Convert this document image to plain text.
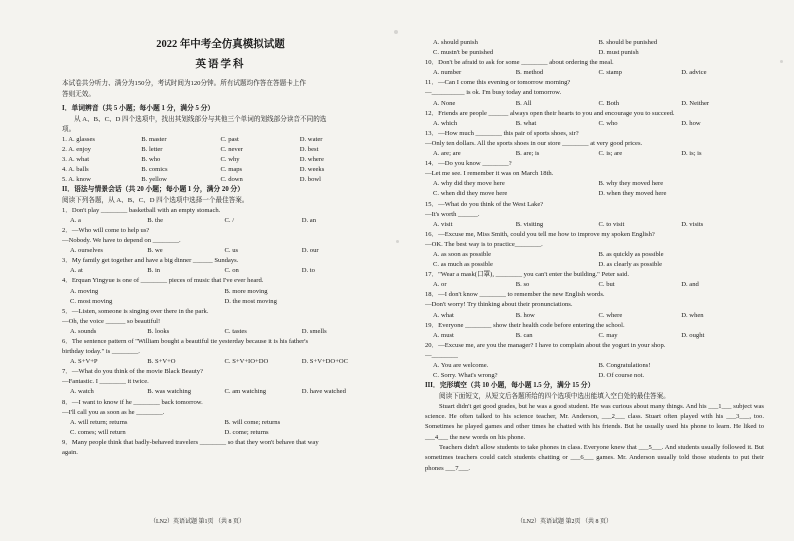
2022 年中考全仿真模拟试题
英语学科
本试卷共分听力、满分为150分，考试时间为120分钟。所有试题均作答在答题卡上作
答则无效。
I．单词辨音（共 5 小题；每小题 1 分，满分 5 分）
从 A、B、C、D 四个选项中，找出其划线部分与其他三个单词的划线部分读音不同的选
项。
1. A. glasses	B. master	C. past	D. water
2. A. enjoy	B. letter	C. never	D. best
3. A. what	B. who	C. why	D. where
4. A. balls	B. comics	C. maps	D. weeks
5. A. know	B. yellow	C. down	D. bowl
II．语法与情景会话（共 20 小题；每小题 1 分，满分 20 分）
阅读下列各题，从 A、B、C、D 四个选项中选择一个最佳答案。
1．Don't play ________ basketball with an empty stomach.
A. a	B. the	C. /	D. an
2．—Who will come to help us?
—Nobody. We have to depend on ________.
A. ourselves	B. we	C. us	D. our
3．My family get together and have a big dinner ______ Sundays.
A. at	B. in	C. on	D. to
4．Erquan Yingyue is one of ________ pieces of music that I've ever heard.
A. moving	B. more moving
C. most moving	D. the most moving
5．—Listen, someone is singing over there in the park.
—Oh, the voice ______ so beautiful!
A. sounds	B. looks	C. tastes	D. smells
6．The sentence pattern of "William bought a beautiful tie yesterday because it is his father's
birthday today." is ________.
A. S+V+P	B. S+V+O	C. S+V+IO+DO	D. S+V+DO+OC
7．—What do you think of the movie Black Beauty?
—Fantastic. I ________ it twice.
A. watch	B. was watching	C. am watching	D. have watched
8．—I want to know if he ________ back tomorrow.
—I'll call you as soon as he ________.
A. will return; returns	B. will come; returns
C. comes; will return	D. come; returns
9．Many people think that badly-behaved travelers ________ so that they won't behave that way
again.
（LN2）英语试题 第1页 （共 8 页）
A. should punish	B. should be punished
C. mustn't be punished	D. must punish
10．Don't be afraid to ask for some ________ about ordering the meal.
A. number	B. method	C. stamp	D. advice
11．—Can I come this evening or tomorrow morning?
—__________ is ok. I'm busy today and tomorrow.
A. None	B. All	C. Both	D. Neither
12．Friends are people ______ always open their hearts to you and encourage you to succeed.
A. which	B. what	C. who	D. how
13．—How much ________ this pair of sports shoes, sir?
—Only ten dollars. All the sports shoes in our store ________ at very good prices.
A. are; are	B. are; is	C. is; are	D. is; is
14．—Do you know ________?
—Let me see. I remember it was on March 18th.
A. why did they move here	B. why they moved here
C. when did they move here	D. when they moved here
15．—What do you think of the West Lake?
—It's worth ______.
A. visit	B. visiting	C. to visit	D. visits
16．—Excuse me, Miss Smith, could you tell me how to improve my spoken English?
—OK. The best way is to practice________.
A. as soon as possible	B. as quickly as possible
C. as much as possible	D. as clearly as possible
17．"Wear a mask(口罩), ________ you can't enter the building." Peter said.
A. or	B. so	C. but	D. and
18．—I don't know ________ to remember the new English words.
—Don't worry! Try thinking about their pronunciations.
A. what	B. how	C. where	D. when
19．Everyone ________ show their health code before entering the school.
A. must	B. can	C. may	D. ought
20．—Excuse me, are you the manager? I have to complain about the yogurt in your shop.
—________
A. You are welcome.	B. Congratulations!
C. Sorry. What's wrong?	D. Of course not.
III．完形填空（共 10 小题，每小题 1.5 分，满分 15 分）
阅读下面短文，从短文后各题所给的四个选项中选出能填入空白处的最佳答案。
Stuart didn't get good grades, but he was a good student. He was curious about many things. And his ___1___ subject was science. He often talked to his science teacher, Mr. Anderson, ___2___ class. Stuart often played with his ___3___, too. Sometimes he played games and other times he chatted with his friends. But he usually used his phone to learn. He liked to ___4___ the new words on his phone.
Teachers didn't allow students to take phones in class. Everyone knew that ___5___. And students usually followed it. But sometimes teachers could catch students chatting or ___6___ games. Mr. Anderson usually told those students to put their phones ___7___.
（LN2）英语试题 第2页 （共 8 页）
